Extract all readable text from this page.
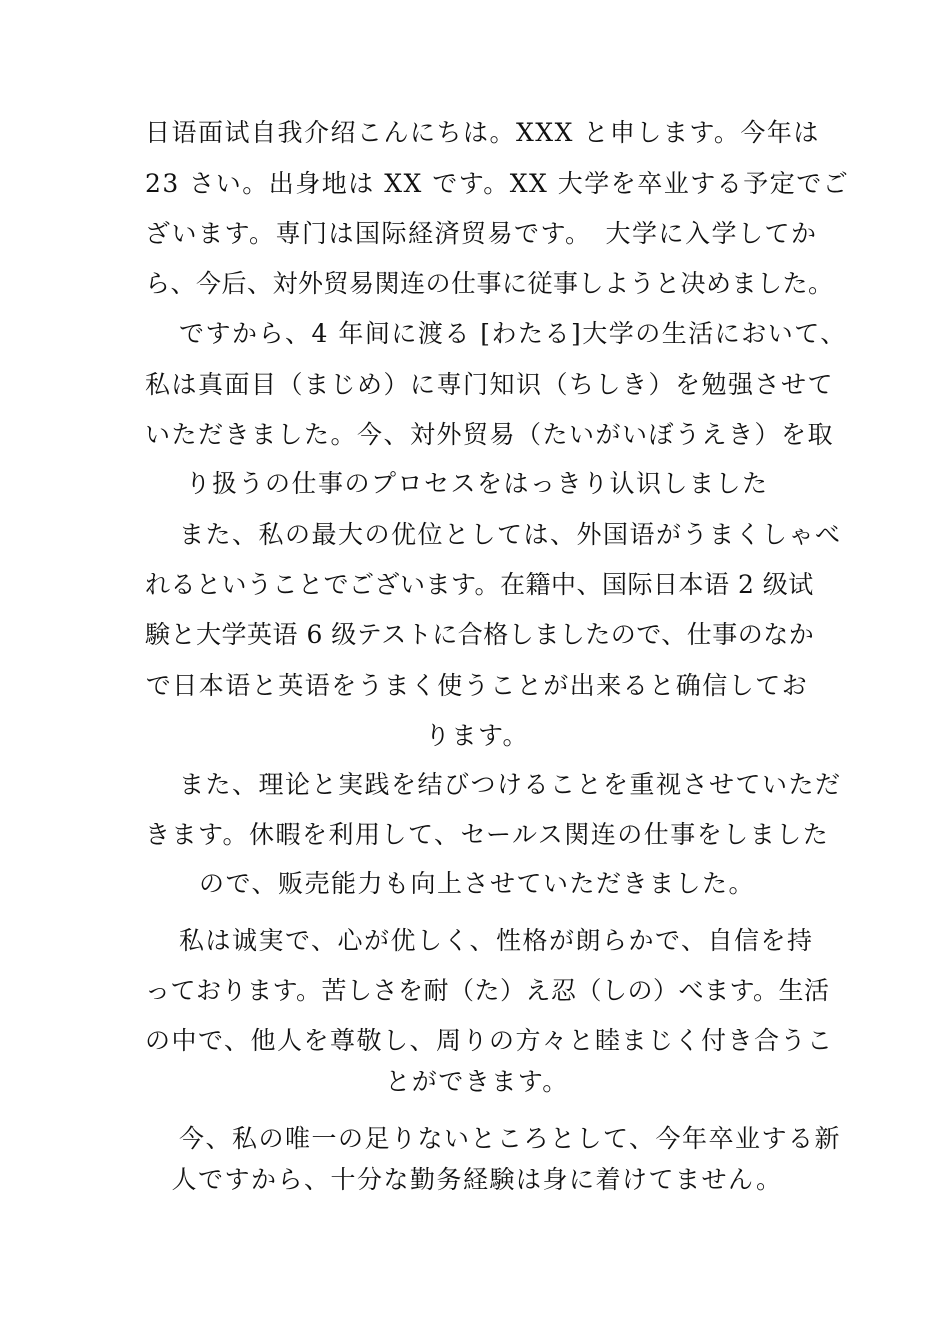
日语面试自我介绍こんにちは。XXX と申します。今年は
23 さい。出身地は XX です。XX 大学を卒业する予定でご
ざいます。専门は国际経済贸易です。　大学に入学してか
ら、今后、対外贸易関连の仕事に従事しようと决めました。
ですから、4 年间に渡る [わたる]大学の生活において、
私は真面目（まじめ）に専门知识（ちしき）を勉强させて
いただきました。今、対外贸易（たいがいぼうえき）を取
り扱うの仕事のプロセスをはっきり认识しました
また、私の最大の优位としては、外国语がうまくしゃべ
れるということでございます。在籍中、国际日本语 2 级试
験と大学英语 6 级テストに合格しましたので、仕事のなか
で日本语と英语をうまく使うことが出来ると确信してお
ります。
また、理论と実践を结びつけることを重视させていただ
きます。休暇を利用して、セールス関连の仕事をしました
ので、贩売能力も向上させていただきました。
私は诚実で、心が优しく、性格が朗らかで、自信を持
っております。苦しさを耐（た）え忍（しの）べます。生活
の中で、他人を尊敬し、周りの方々と睦まじく付き合うこ
とができます。
今、私の唯一の足りないところとして、今年卒业する新
人ですから、十分な勤务経験は身に着けてません。
